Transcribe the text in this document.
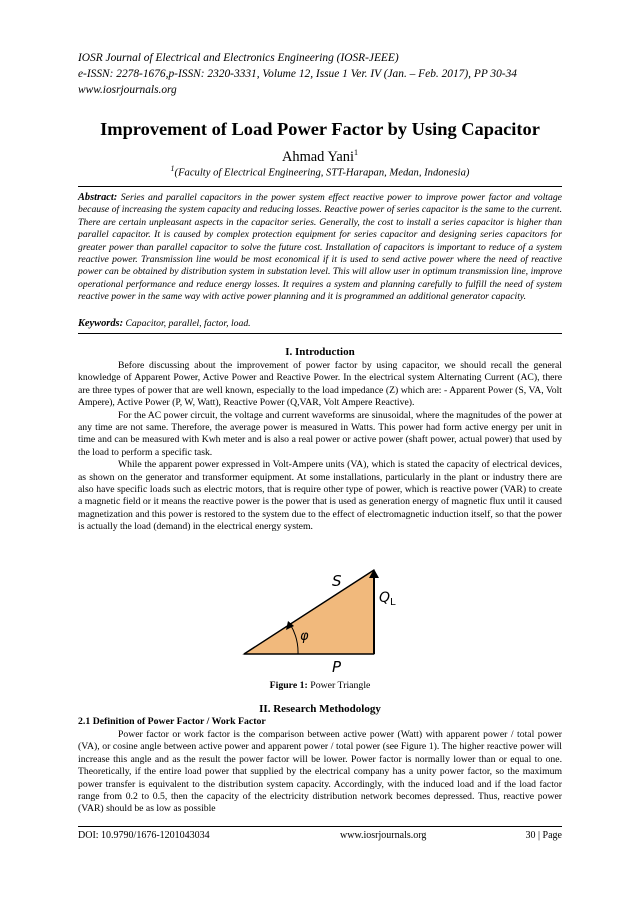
IOSR Journal of Electrical and Electronics Engineering (IOSR-JEEE)
e-ISSN: 2278-1676,p-ISSN: 2320-3331, Volume 12, Issue 1 Ver. IV (Jan. – Feb. 2017), PP 30-34
www.iosrjournals.org
Improvement of Load Power Factor by Using Capacitor
Ahmad Yani$^1$
$^1$(Faculty of Electrical Engineering, STT-Harapan, Medan, Indonesia)
Abstract: Series and parallel capacitors in the power system effect reactive power to improve power factor and voltage because of increasing the system capacity and reducing losses. Reactive power of series capacitor is the same to the current. There are certain unpleasant aspects in the capacitor series. Generally, the cost to install a series capacitor is higher than parallel capacitor. It is caused by complex protection equipment for series capacitor and designing series capacitors for greater power than parallel capacitor to solve the future cost. Installation of capacitors is important to reduce of a system reactive power. Transmission line would be most economical if it is used to send active power where the need of reactive power can be obtained by distribution system in substation level. This will allow user in optimum transmission line, improve operational performance and reduce energy losses. It requires a system and planning carefully to fulfill the need of system reactive power in the same way with active power planning and it is programmed an additional generator capacity.
Keywords: Capacitor, parallel, factor, load.
I. Introduction

Before discussing about the improvement of power factor by using capacitor, we should recall the general knowledge of Apparent Power, Active Power and Reactive Power. In the electrical system Alternating Current (AC), there are three types of power that are well known, especially to the load impedance (Z) which are: - Apparent Power (S, VA, Volt Ampere), Active Power (P, W, Watt), Reactive Power (Q,VAR, Volt Ampere Reactive).

For the AC power circuit, the voltage and current waveforms are sinusoidal, where the magnitudes of the power at any time are not same. Therefore, the average power is measured in Watts. This power had form active energy per unit in time and can be measured with Kwh meter and is also a real power or active power (shaft power, actual power) that used by the load to perform a specific task.

While the apparent power expressed in Volt-Ampere units (VA), which is stated the capacity of electrical devices, as shown on the generator and transformer equipment. At some installations, particularly in the plant or industry there are also have specific loads such as electric motors, that is require other type of power, which is reactive power (VAR) to create a magnetic field or it means the reactive power is the power that is used as generation energy of magnetic flux until it caused magnetization and this power is restored to the system due to the effect of electromagnetic induction itself, so that the power is actually the load (demand) in the electrical energy system.

S
$Q_L$
φ
P
Figure 1: Power Triangle
II. Research Methodology
2.1 Definition of Power Factor / Work Factor

Power factor or work factor is the comparison between active power (Watt) with apparent power / total power (VA), or cosine angle between active power and apparent power / total power (see Figure 1). The higher reactive power will increase this angle and as the result the power factor will be lower. Power factor is normally lower than or equal to one. Theoretically, if the entire load power that supplied by the electrical company has a unity power factor, so the maximum power transfer is equivalent to the distribution system capacity. Accordingly, with the induced load and if the load factor range from 0.2 to 0.5, then the capacity of the electricity distribution network becomes depressed. Thus, reactive power (VAR) should be as low as possible

DOI: 10.9790/1676-1201043034	www.iosrjournals.org	30 | Page
